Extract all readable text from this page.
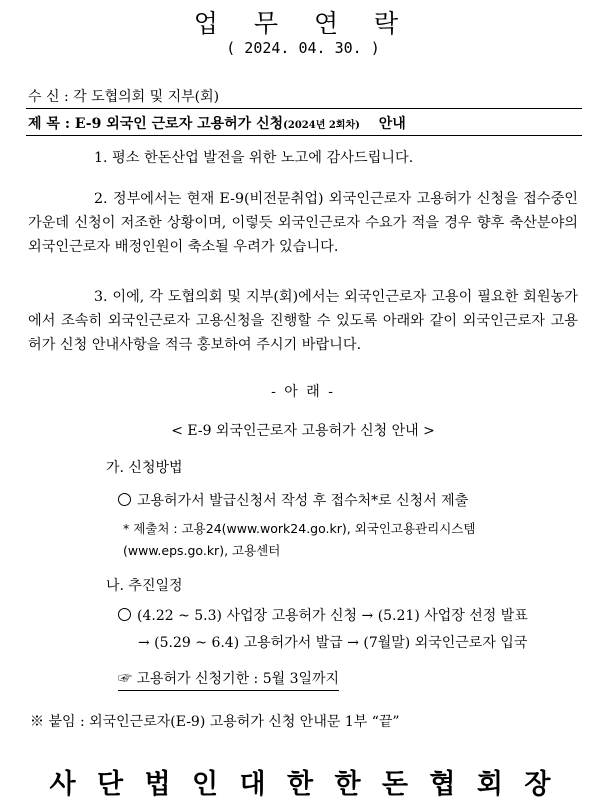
업 무 연 락
( 2024. 04. 30. )
수 신 : 각 도협의회 및 지부(회)
제 목 : E-9 외국인 근로자 고용허가 신청(2024년 2회차) 안내
1. 평소 한돈산업 발전을 위한 노고에 감사드립니다.
2. 정부에서는 현재 E-9(비전문취업) 외국인근로자 고용허가 신청을 접수중인 가운데 신청이 저조한 상황이며, 이렇듯 외국인근로자 수요가 적을 경우 향후 축산분야의 외국인근로자 배정인원이 축소될 우려가 있습니다.
3. 이에, 각 도협의회 및 지부(회)에서는 외국인근로자 고용이 필요한 회원농가에서 조속히 외국인근로자 고용신청을 진행할 수 있도록 아래와 같이 외국인근로자 고용허가 신청 안내사항을 적극 홍보하여 주시기 바랍니다.
- 아 래 -
< E-9 외국인근로자 고용허가 신청 안내 >
가. 신청방법
고용허가서 발급신청서 작성 후 접수처*로 신청서 제출
* 제출처 : 고용24(www.work24.go.kr), 외국인고용관리시스템(www.eps.go.kr), 고용센터
나. 추진일정
(4.22 ~ 5.3) 사업장 고용허가 신청 → (5.21) 사업장 선정 발표
→ (5.29 ~ 6.4) 고용허가서 발급 → (7월말) 외국인근로자 입국
☞ 고용허가 신청기한 : 5월 3일까지
※ 붙임 : 외국인근로자(E-9) 고용허가 신청 안내문 1부 “끝”
사 단 법 인 대 한 한 돈 협 회 장
